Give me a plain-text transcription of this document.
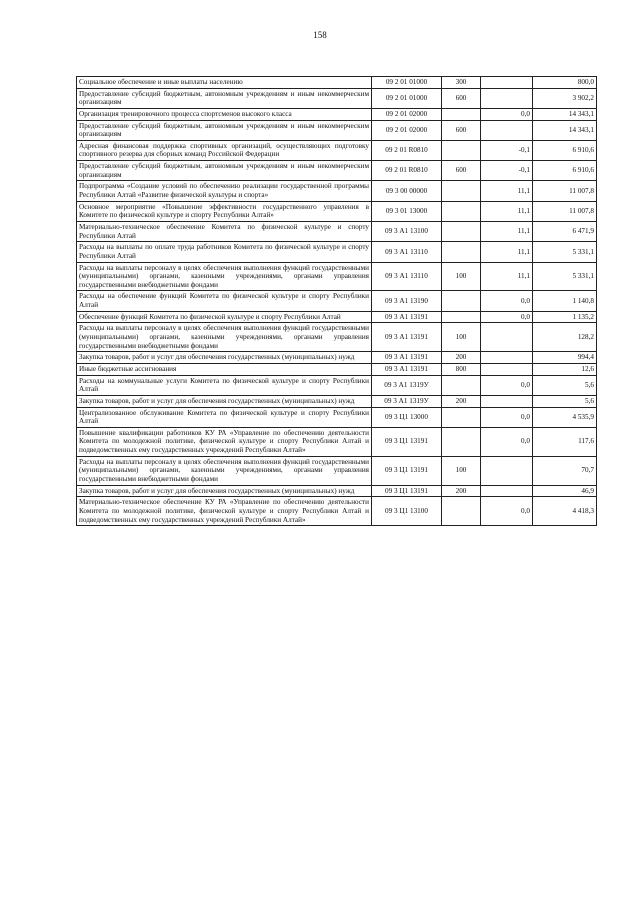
158
Социальное обеспечение и иные выплаты населению	09 2 01 01000	300		800,0
Предоставление субсидий бюджетным, автономным учреждениям и иным некоммерческим организациям	09 2 01 01000	600		3 902,2
Организация тренировочного процесса спортсменов высокого класса	09 2 01 02000		0,0	14 343,1
Предоставление субсидий бюджетным, автономным учреждениям и иным некоммерческим организациям	09 2 01 02000	600		14 343,1
Адресная финансовая поддержка спортивных организаций, осуществляющих подготовку спортивного резерва для сборных команд Российской Федерации	09 2 01 R0810		-0,1	6 910,6
Предоставление субсидий бюджетным, автономным учреждениям и иным некоммерческим организациям	09 2 01 R0810	600	-0,1	6 910,6
Подпрограмма «Создание условий по обеспечению реализации государственной программы Республики Алтай «Развитие физической культуры и спорта»	09 3 00 00000		11,1	11 007,8
Основное мероприятие «Повышение эффективности государственного управления в Комитете по физической культуре и спорту Республики Алтай»	09 3 01 13000		11,1	11 007,8
Материально-техническое обеспечение Комитета по физической культуре и спорту Республики Алтай	09 3 А1 13100		11,1	6 471,9
Расходы на выплаты по оплате труда работников Комитета по физической культуре и спорту Республики Алтай	09 3 А1 13110		11,1	5 331,1
Расходы на выплаты персоналу в целях обеспечения выполнения функций государственными (муниципальными) органами, казенными учреждениями, органами управления государственными внебюджетными фондами	09 3 А1 13110	100	11,1	5 331,1
Расходы на обеспечение функций Комитета по физической культуре и спорту Республики Алтай	09 3 А1 13190		0,0	1 140,8
Обеспечение функций Комитета по физической культуре и спорту Республики Алтай	09 3 А1 13191		0,0	1 135,2
Расходы на выплаты персоналу в целях обеспечения выполнения функций государственными (муниципальными) органами, казенными учреждениями, органами управления государственными внебюджетными фондами	09 3 А1 13191	100		128,2
Закупка товаров, работ и услуг для обеспечения государственных (муниципальных) нужд	09 3 А1 13191	200		994,4
Иные бюджетные ассигнования	09 3 А1 13191	800		12,6
Расходы на коммунальные услуги Комитета по физической культуре и спорту Республики Алтай	09 3 А1 1319У		0,0	5,6
Закупка товаров, работ и услуг для обеспечения государственных (муниципальных) нужд	09 3 А1 1319У	200		5,6
Централизованное обслуживание Комитета по физической культуре и спорту Республики Алтай	09 3 Ц1 13000		0,0	4 535,9
Повышение квалификации работников КУ РА «Управление по обеспечению деятельности Комитета по молодежной политике, физической культуре и спорту Республики Алтай и подведомственных ему государственных учреждений Республики Алтай»	09 3 Ц1 13191		0,0	117,6
Расходы на выплаты персоналу в целях обеспечения выполнения функций государственными (муниципальными) органами, казенными учреждениями, органами управления государственными внебюджетными фондами	09 3 Ц1 13191	100		70,7
Закупка товаров, работ и услуг для обеспечения государственных (муниципальных) нужд	09 3 Ц1 13191	200		46,9
Материально-техническое обеспечение КУ РА «Управление по обеспечению деятельности Комитета по молодежной политике, физической культуре и спорту Республики Алтай и подведомственных ему государственных учреждений Республики Алтай»	09 3 Ц1 13100		0,0	4 418,3
